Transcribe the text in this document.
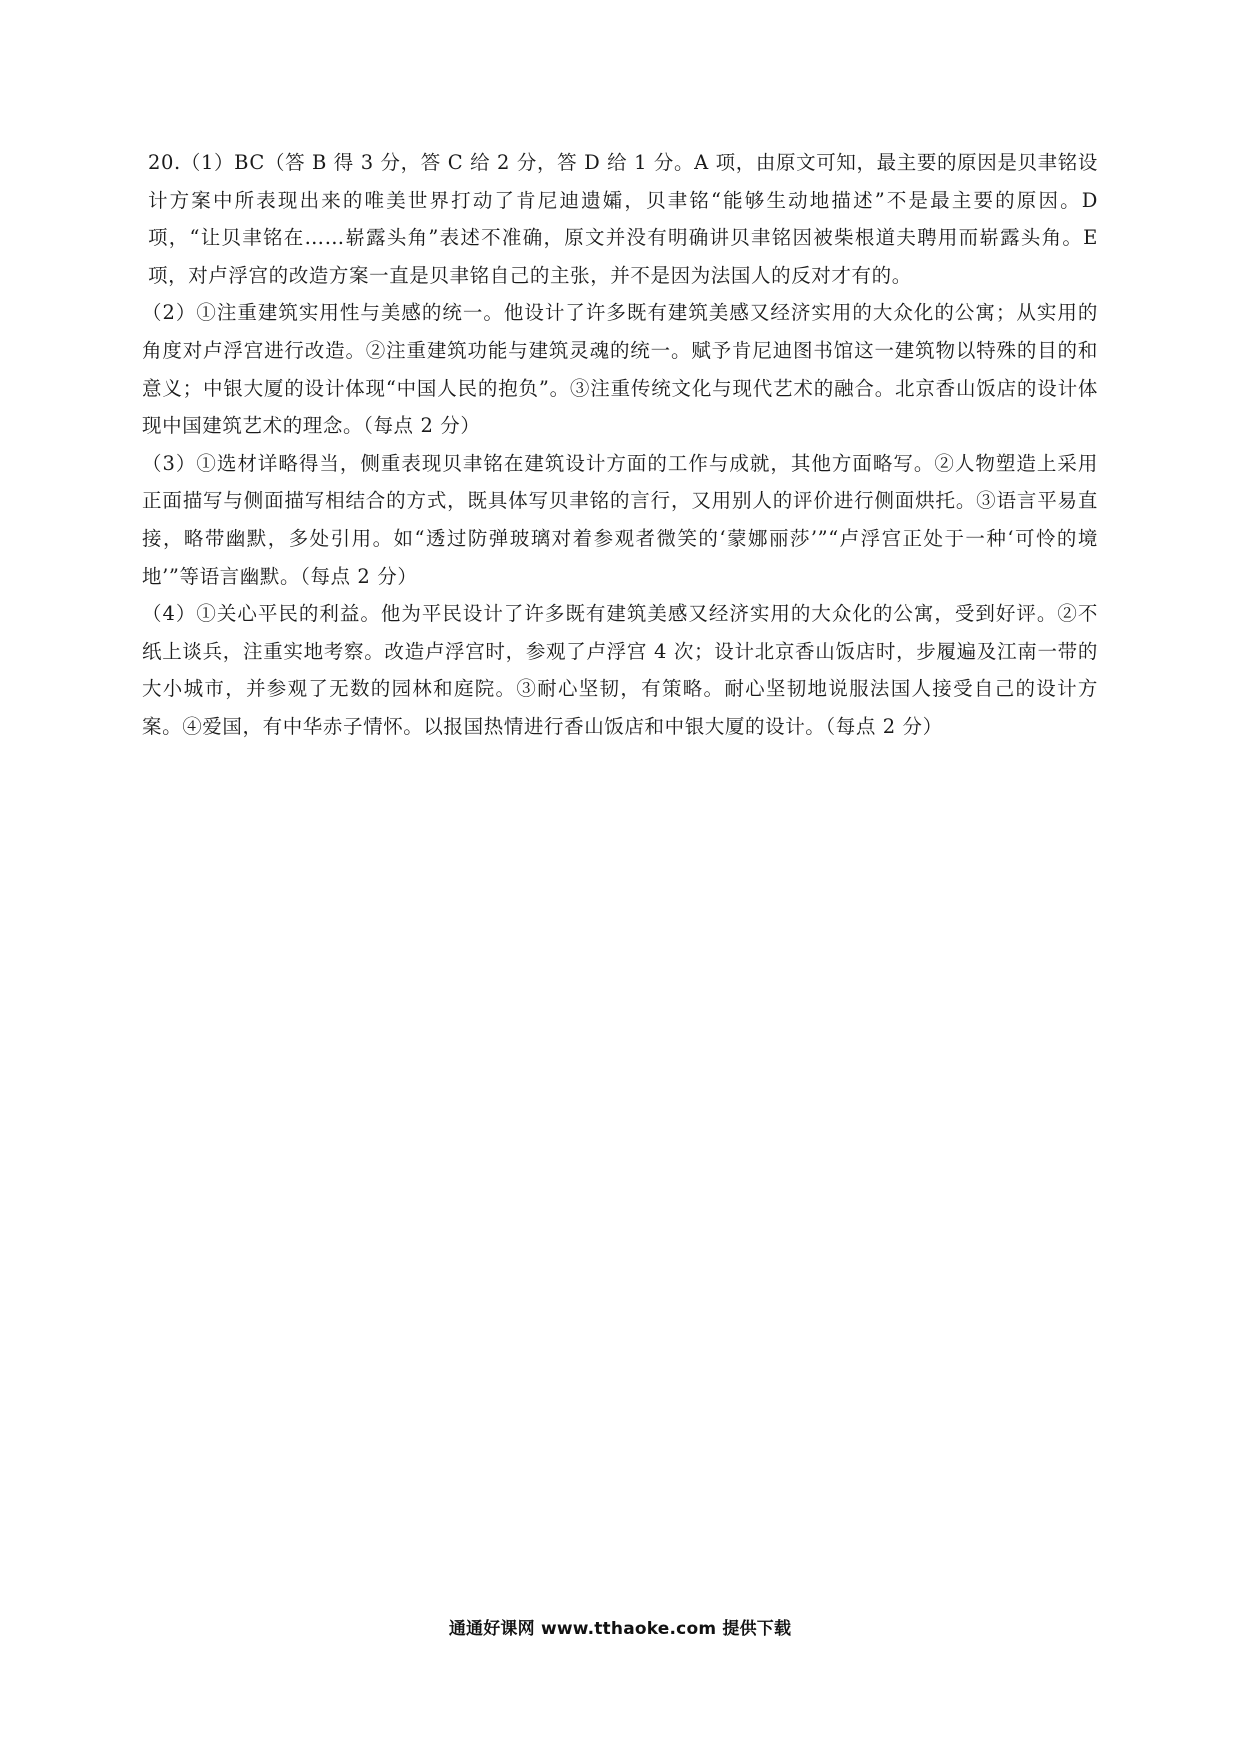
20.（1）BC（答 B 得 3 分，答 C 给 2 分，答 D 给 1 分。A 项，由原文可知，最主要的原因是贝聿铭设计方案中所表现出来的唯美世界打动了肯尼迪遗孀，贝聿铭“能够生动地描述”不是最主要的原因。D 项，“让贝聿铭在……崭露头角”表述不准确，原文并没有明确讲贝聿铭因被柴根道夫聘用而崭露头角。E 项，对卢浮宫的改造方案一直是贝聿铭自己的主张，并不是因为法国人的反对才有的。

（2）①注重建筑实用性与美感的统一。他设计了许多既有建筑美感又经济实用的大众化的公寓；从实用的角度对卢浮宫进行改造。②注重建筑功能与建筑灵魂的统一。赋予肯尼迪图书馆这一建筑物以特殊的目的和意义；中银大厦的设计体现“中国人民的抱负”。③注重传统文化与现代艺术的融合。北京香山饭店的设计体现中国建筑艺术的理念。（每点 2 分）

（3）①选材详略得当，侧重表现贝聿铭在建筑设计方面的工作与成就，其他方面略写。②人物塑造上采用正面描写与侧面描写相结合的方式，既具体写贝聿铭的言行，又用别人的评价进行侧面烘托。③语言平易直接，略带幽默，多处引用。如“透过防弹玻璃对着参观者微笑的‘蒙娜丽莎’”“卢浮宫正处于一种‘可怜的境地’”等语言幽默。（每点 2 分）

（4）①关心平民的利益。他为平民设计了许多既有建筑美感又经济实用的大众化的公寓，受到好评。②不纸上谈兵，注重实地考察。改造卢浮宫时，参观了卢浮宫 4 次；设计北京香山饭店时，步履遍及江南一带的大小城市，并参观了无数的园林和庭院。③耐心坚韧，有策略。耐心坚韧地说服法国人接受自己的设计方案。④爱国，有中华赤子情怀。以报国热情进行香山饭店和中银大厦的设计。（每点 2 分）

通通好课网 www.tthaoke.com 提供下载
